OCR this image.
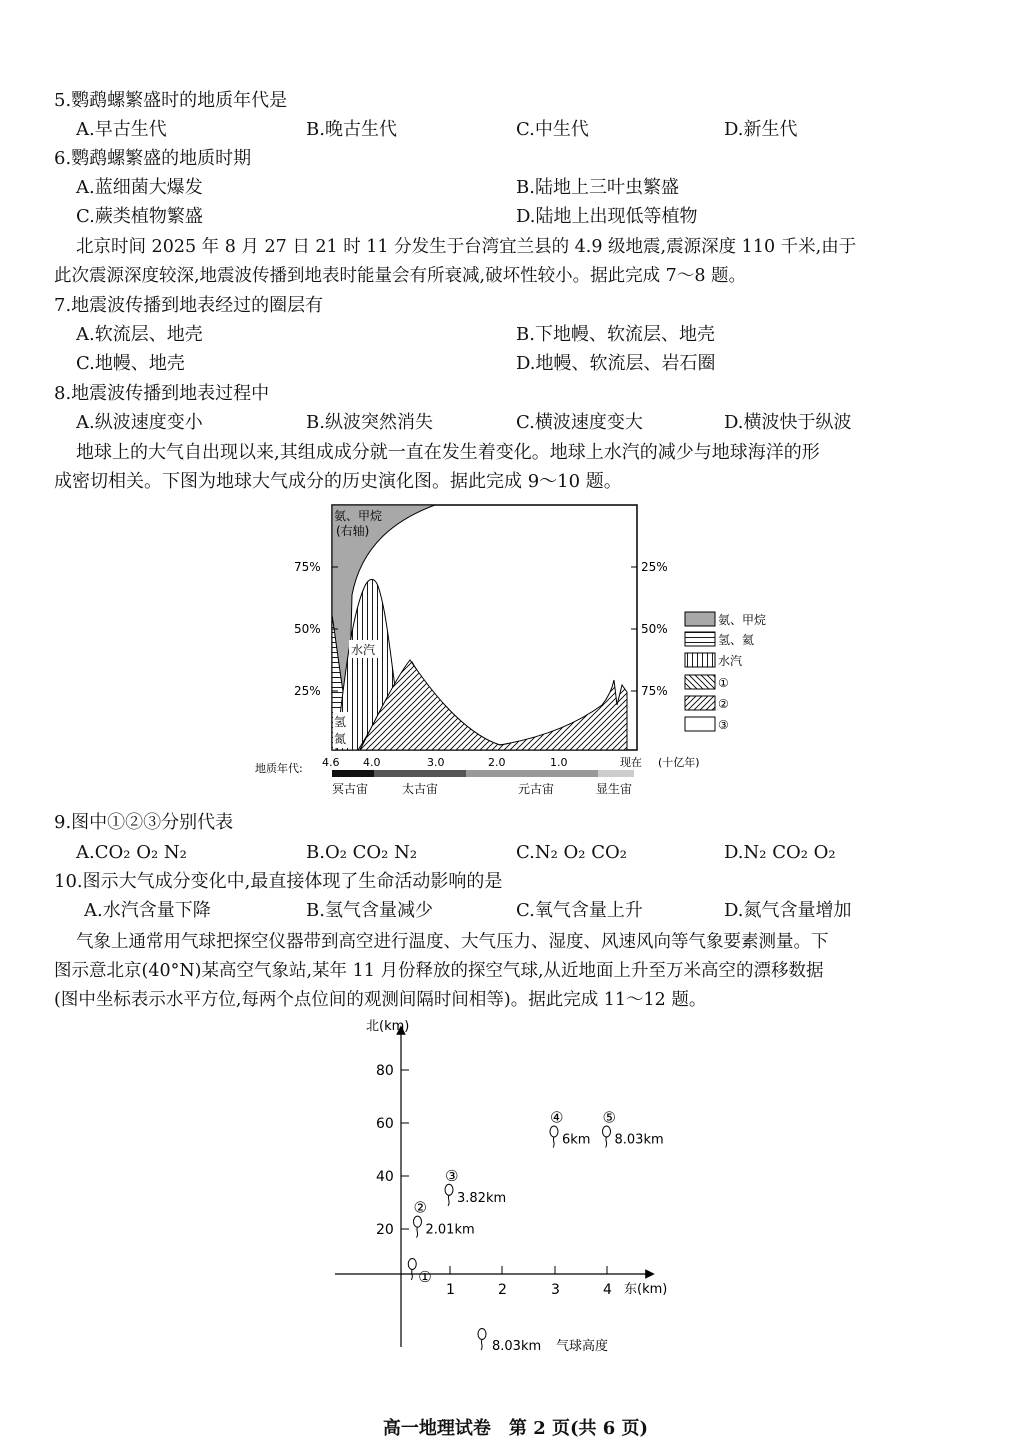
5.鹦鹉螺繁盛时的地质年代是
A.早古生代	B.晚古生代	C.中生代	D.新生代
6.鹦鹉螺繁盛的地质时期
A.蓝细菌大爆发	B.陆地上三叶虫繁盛
C.蕨类植物繁盛	D.陆地上出现低等植物
北京时间 2025 年 8 月 27 日 21 时 11 分发生于台湾宜兰县的 4.9 级地震,震源深度 110 千米,由于
此次震源深度较深,地震波传播到地表时能量会有所衰减,破坏性较小。据此完成 7～8 题。
7.地震波传播到地表经过的圈层有
A.软流层、地壳	B.下地幔、软流层、地壳
C.地幔、地壳	D.地幔、软流层、岩石圈
8.地震波传播到地表过程中
A.纵波速度变小	B.纵波突然消失	C.横波速度变大	D.横波快于纵波
地球上的大气自出现以来,其组成成分就一直在发生着变化。地球上水汽的减少与地球海洋的形
成密切相关。下图为地球大气成分的历史演化图。据此完成 9～10 题。
75%
50%
25%
25%
50%
75%
氨、甲烷
(右轴)
水汽
氢
氮
地质年代: 4.6 4.0	3.0	2.0	1.0	现在 (十亿年)
冥古宙	太古宙	元古宙	显生宙
氨、甲烷
氢、氦
水汽
①
②
③
9.图中①②③分别代表
A.CO₂ O₂ N₂	B.O₂ CO₂ N₂	C.N₂ O₂ CO₂	D.N₂ CO₂ O₂
10.图示大气成分变化中,最直接体现了生命活动影响的是
A.水汽含量下降	B.氢气含量减少	C.氧气含量上升	D.氮气含量增加
气象上通常用气球把探空仪器带到高空进行温度、大气压力、湿度、风速风向等气象要素测量。下
图示意北京(40°N)某高空气象站,某年 11 月份释放的探空气球,从近地面上升至万米高空的漂移数据
(图中坐标表示水平方位,每两个点位间的观测间隔时间相等)。据此完成 11～12 题。
北(km)
东(km)
80
60
40
20
1	2	3	4
①
②
2.01km
③
3.82km
④
6km
⑤
8.03km
8.03km 气球高度
高一地理试卷　第 2 页(共 6 页)
